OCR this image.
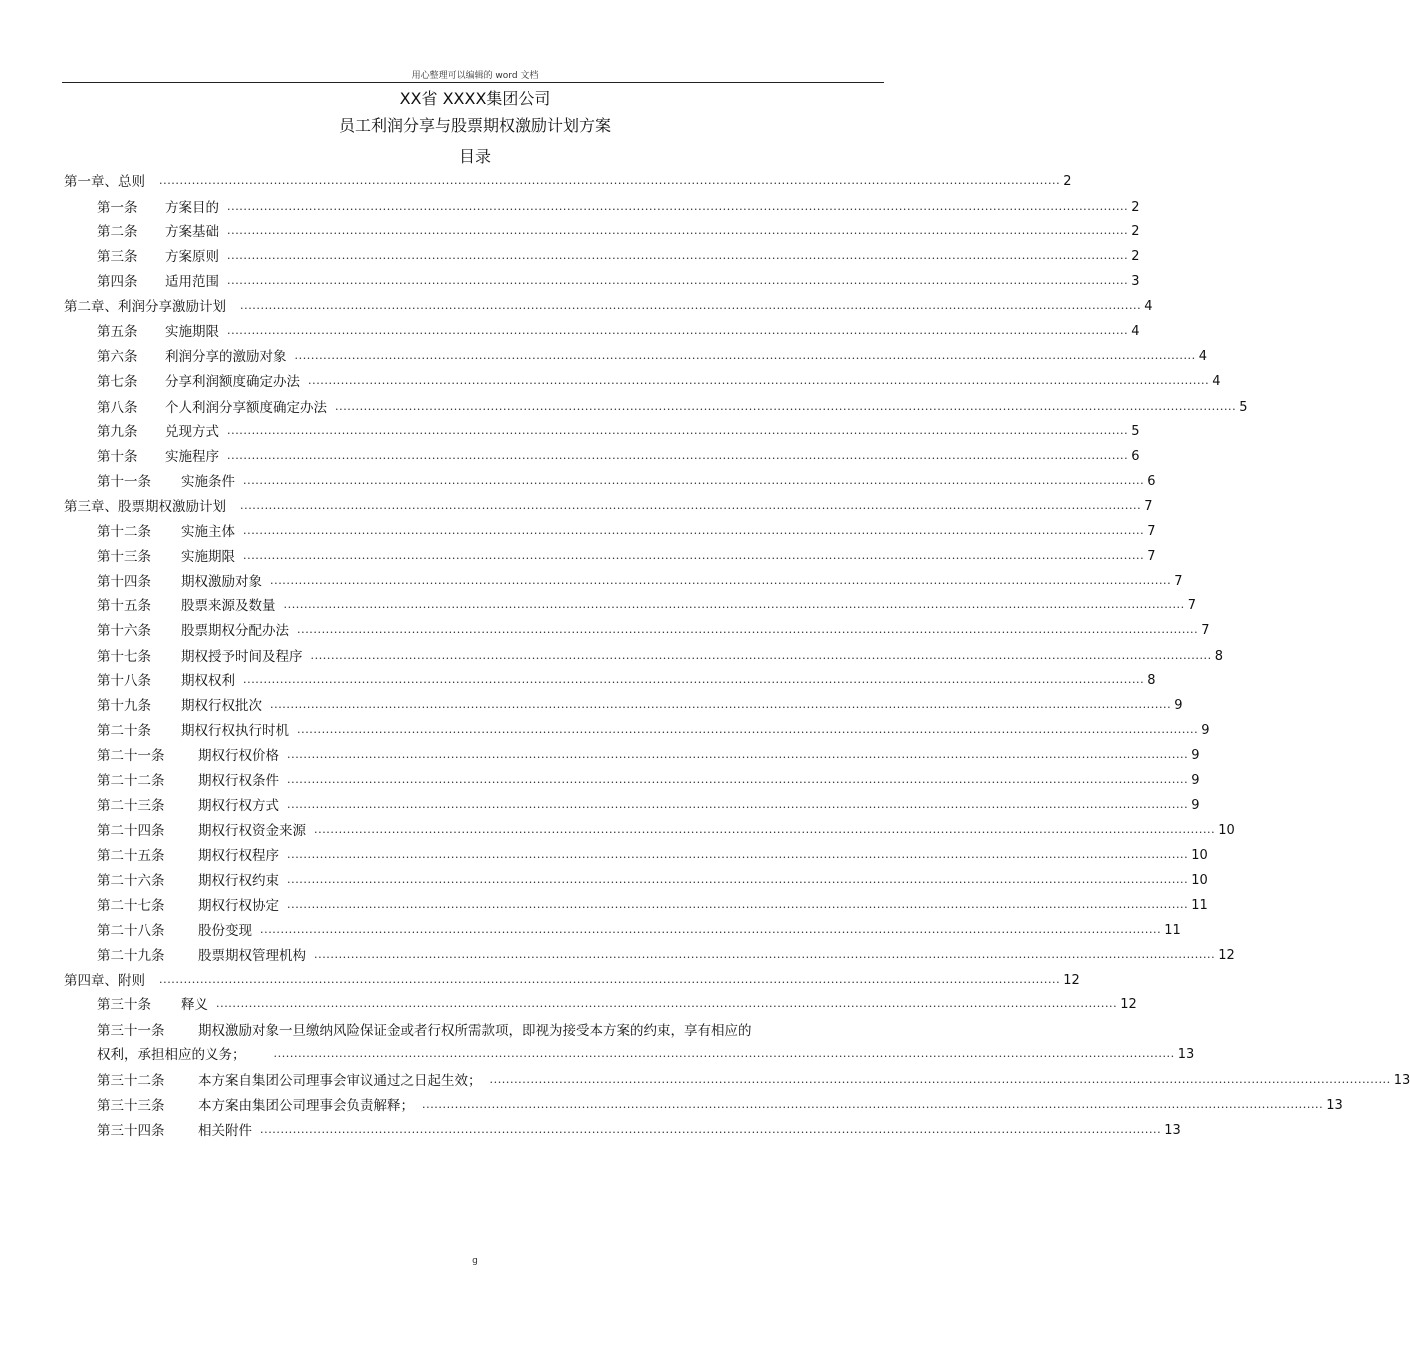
用心整理可以编辑的 word 文档
XX省 XXXX集团公司
员工利润分享与股票期权激励计划方案
目录
第一章、总则 ............................................................................................................................................................................................................................ 2
第一条	方案目的 ............................................................................................................................................................................................................................ 2
第二条	方案基础 ............................................................................................................................................................................................................................ 2
第三条	方案原则 ............................................................................................................................................................................................................................ 2
第四条	适用范围 ............................................................................................................................................................................................................................ 3
第二章、利润分享激励计划 ............................................................................................................................................................................................................................ 4
第五条	实施期限 ............................................................................................................................................................................................................................ 4
第六条	利润分享的激励对象 ............................................................................................................................................................................................................................ 4
第七条	分享利润额度确定办法 ............................................................................................................................................................................................................................ 4
第八条	个人利润分享额度确定办法 ............................................................................................................................................................................................................................ 5
第九条	兑现方式 ............................................................................................................................................................................................................................ 5
第十条	实施程序 ............................................................................................................................................................................................................................ 6
第十一条	实施条件 ............................................................................................................................................................................................................................ 6
第三章、股票期权激励计划 ............................................................................................................................................................................................................................ 7
第十二条	实施主体 ............................................................................................................................................................................................................................ 7
第十三条	实施期限 ............................................................................................................................................................................................................................ 7
第十四条	期权激励对象 ............................................................................................................................................................................................................................ 7
第十五条	股票来源及数量 ............................................................................................................................................................................................................................ 7
第十六条	股票期权分配办法 ............................................................................................................................................................................................................................ 7
第十七条	期权授予时间及程序 ............................................................................................................................................................................................................................ 8
第十八条	期权权利 ............................................................................................................................................................................................................................ 8
第十九条	期权行权批次 ............................................................................................................................................................................................................................ 9
第二十条	期权行权执行时机 ............................................................................................................................................................................................................................ 9
第二十一条	期权行权价格 ............................................................................................................................................................................................................................ 9
第二十二条	期权行权条件 ............................................................................................................................................................................................................................ 9
第二十三条	期权行权方式 ............................................................................................................................................................................................................................ 9
第二十四条	期权行权资金来源 ............................................................................................................................................................................................................................ 10
第二十五条	期权行权程序 ............................................................................................................................................................................................................................ 10
第二十六条	期权行权约束 ............................................................................................................................................................................................................................ 10
第二十七条	期权行权协定 ............................................................................................................................................................................................................................ 11
第二十八条	股份变现 ............................................................................................................................................................................................................................ 11
第二十九条	股票期权管理机构 ............................................................................................................................................................................................................................ 12
第四章、附则 ............................................................................................................................................................................................................................ 12
第三十条	释义 ............................................................................................................................................................................................................................ 12
第三十一条 期权激励对象一旦缴纳风险保证金或者行权所需款项，即视为接受本方案的约束，享有相应的
权利，承担相应的义务；	............................................................................................................................................................................................................................ 13
第三十二条	本方案自集团公司理事会审议通过之日起生效； ............................................................................................................................................................................................................................ 13
第三十三条	本方案由集团公司理事会负责解释； ............................................................................................................................................................................................................................ 13
第三十四条	相关附件 ............................................................................................................................................................................................................................ 13
g
